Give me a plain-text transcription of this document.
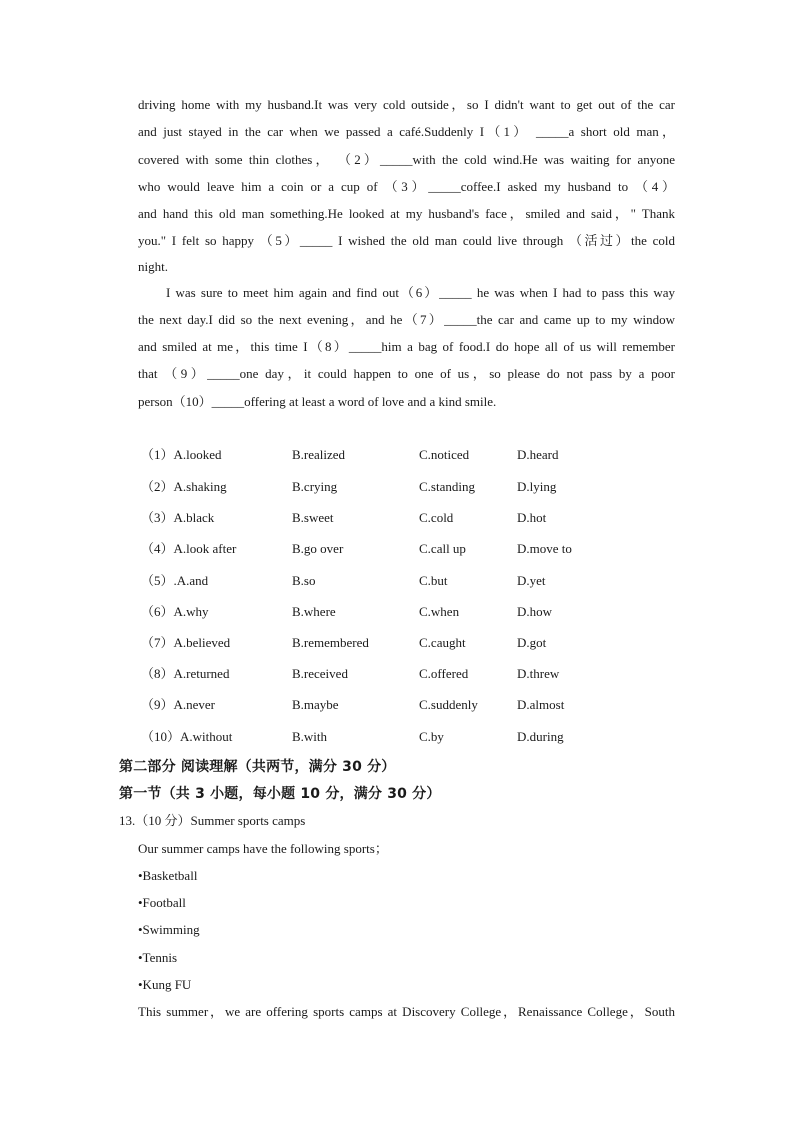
driving home with my husband.It was very cold outside，so I didn't want to get out of the car
and just stayed in the car when we passed a café.Suddenly I（1） _____a short old man，
covered with some thin clothes， （2）_____with the cold wind.He was waiting for anyone
who would leave him a coin or a cup of （3）_____coffee.I asked my husband to （4）
and hand this old man something.He looked at my husband's face，smiled and said，" Thank
you." I felt so happy （5）_____ I wished the old man could live through （活过）the cold
night.
I was sure to meet him again and find out（6）_____ he was when I had to pass this way
the next day.I did so the next evening，and he（7）_____the car and came up to my window
and smiled at me，this time I（8）_____him a bag of food.I do hope all of us will remember
that （9）_____one day，it could happen to one of us，so please do not pass by a poor
person（10）_____offering at least a word of love and a kind smile.
（1）A.looked	B.realized	C.noticed	D.heard
（2）A.shaking	B.crying	C.standing	D.lying
（3）A.black	B.sweet	C.cold	D.hot
（4）A.look after	B.go over	C.call up	D.move to
（5）.A.and	B.so	C.but	D.yet
（6）A.why	B.where	C.when	D.how
（7）A.believed	B.remembered	C.caught	D.got
（8）A.returned	B.received	C.offered	D.threw
（9）A.never	B.maybe	C.suddenly	D.almost
（10）A.without	B.with	C.by	D.during
第二部分 阅读理解（共两节，满分 30 分）
第一节（共 3 小题，每小题 10 分，满分 30 分）
13.（10 分）Summer sports camps
Our summer camps have the following sports；
•Basketball
•Football
•Swimming
•Tennis
•Kung FU
This summer，we are offering sports camps at Discovery College，Renaissance College，South
